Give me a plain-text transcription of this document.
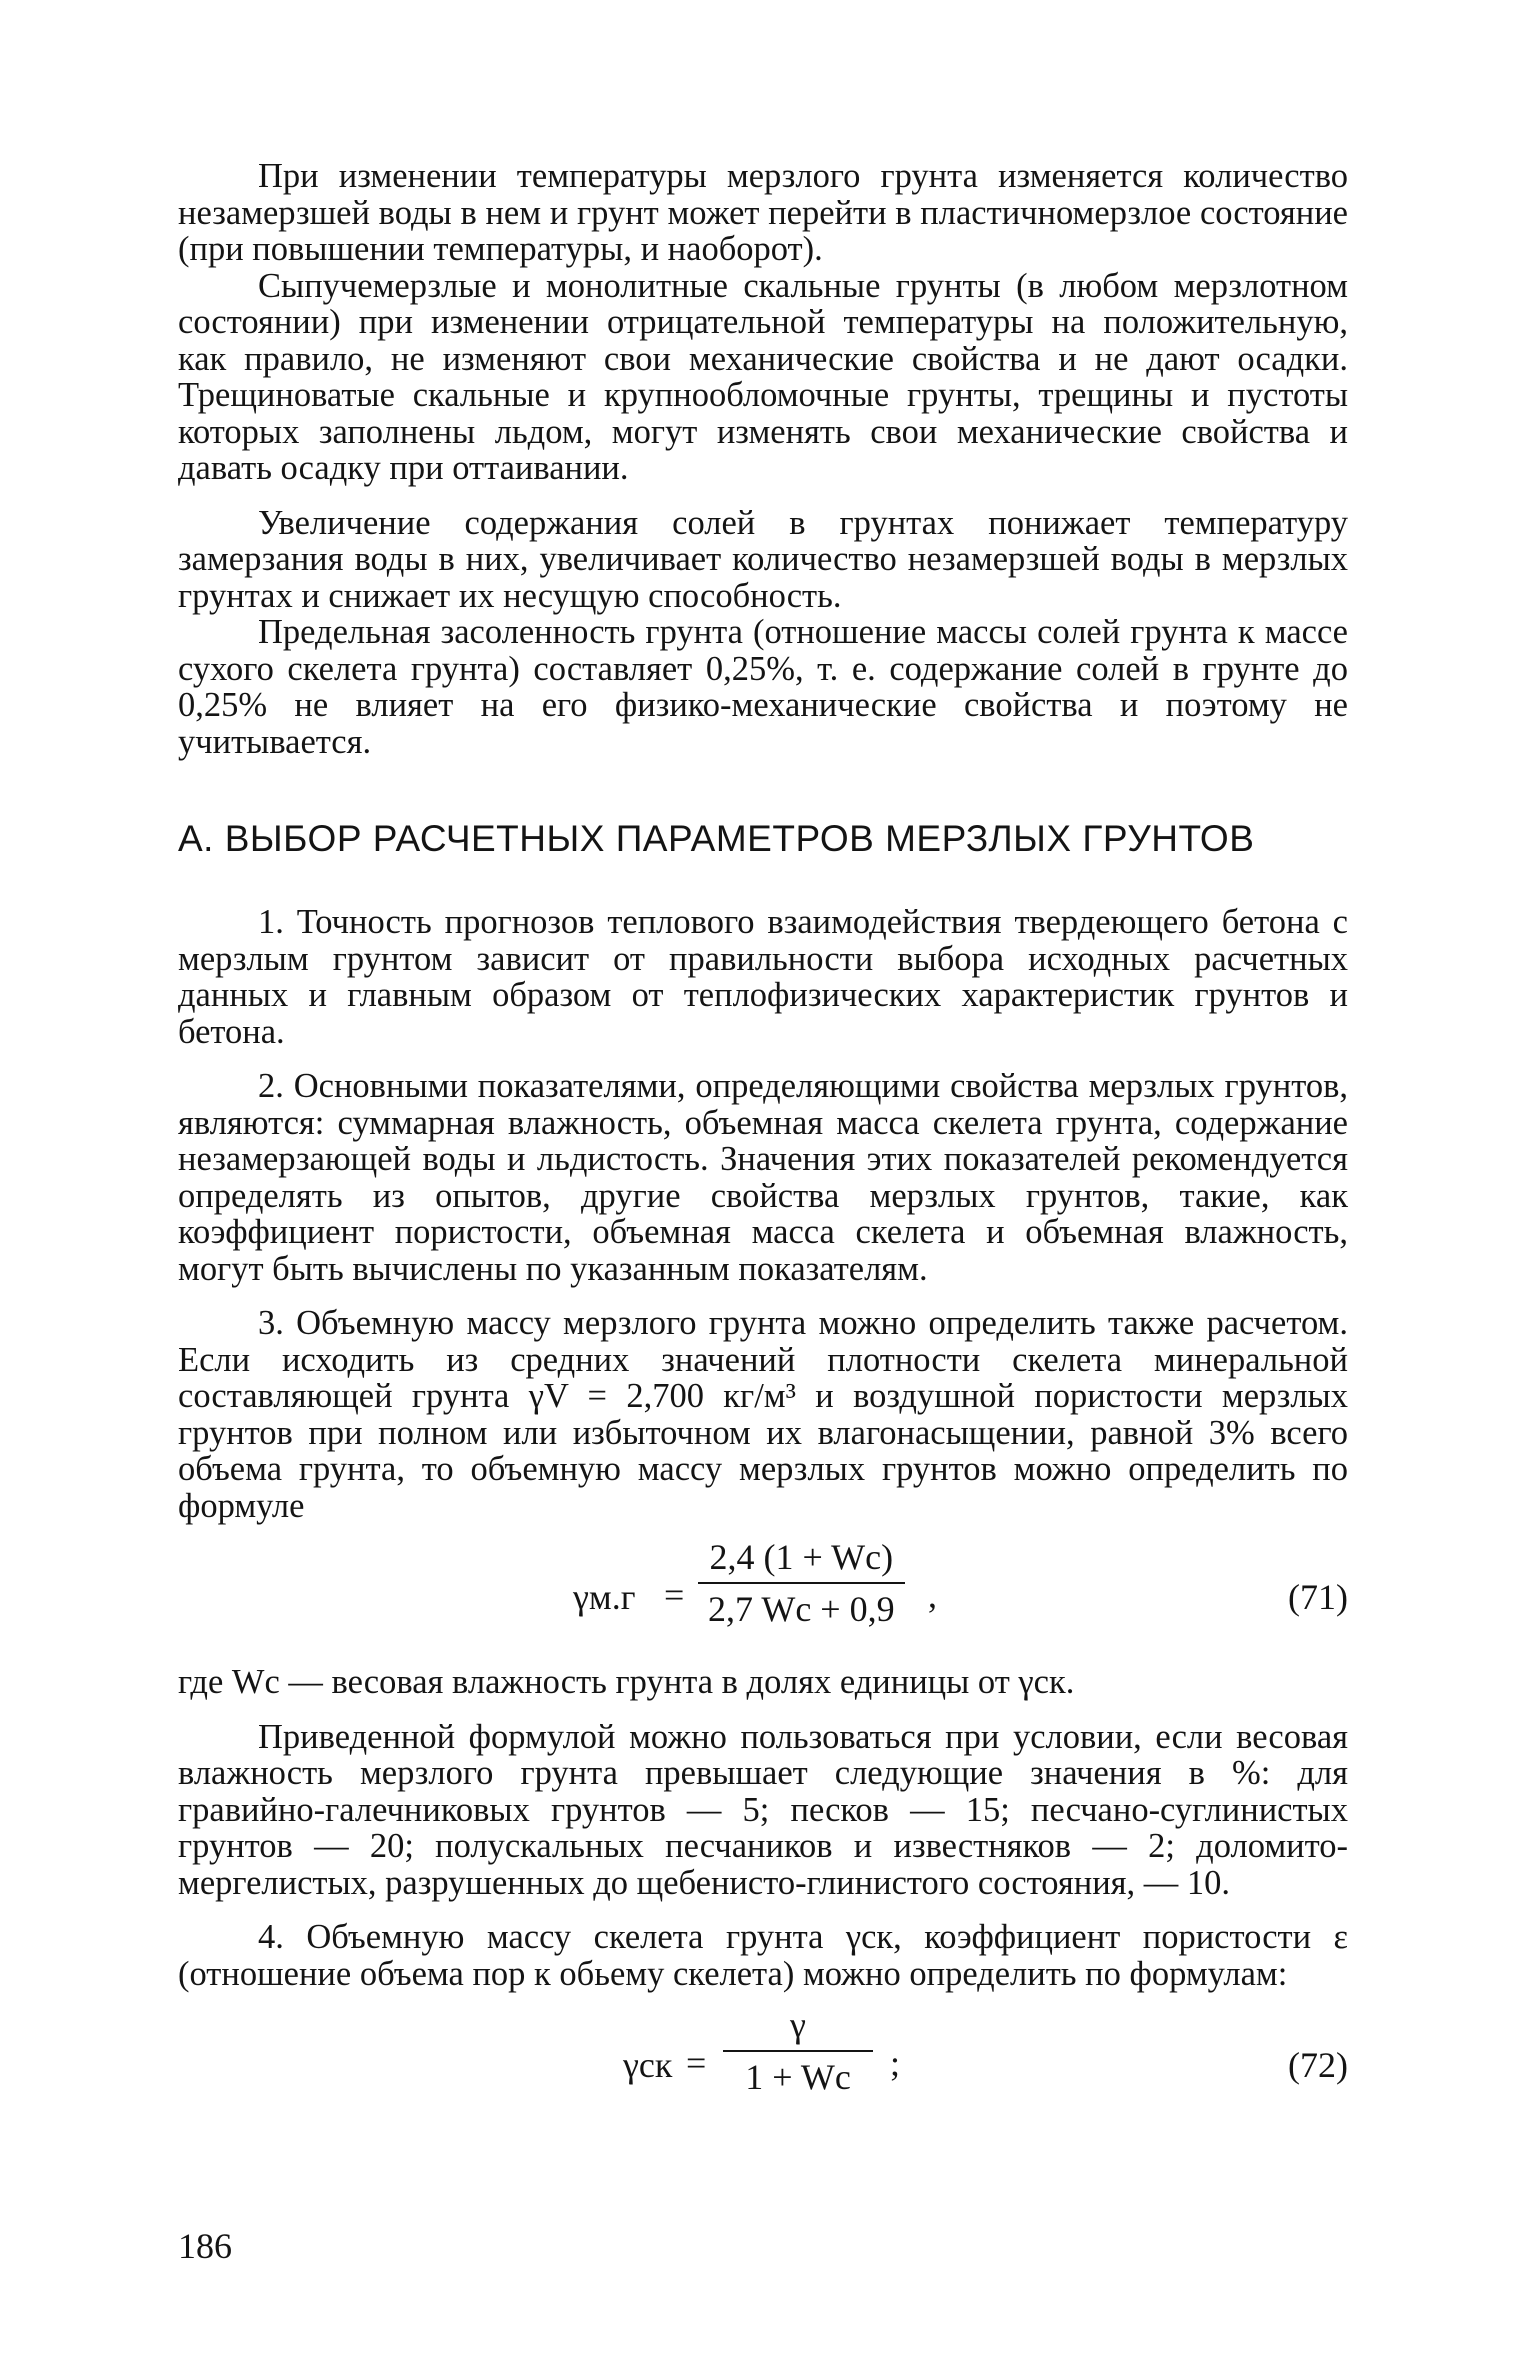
При изменении температуры мерзлого грунта изменяется количество незамерзшей воды в нем и грунт может перейти в пластичномерзлое состояние (при повышении температуры, и наоборот).

Сыпучемерзлые и монолитные скальные грунты (в любом мерзлотном состоянии) при изменении отрицательной температуры на положительную, как правило, не изменяют свои механические свойства и не дают осадки. Трещиноватые скальные и крупнообломочные грунты, трещины и пустоты которых заполнены льдом, могут изменять свои механические свойства и давать осадку при оттаивании.

Увеличение содержания солей в грунтах понижает температуру замерзания воды в них, увеличивает количество незамерзшей воды в мерзлых грунтах и снижает их несущую способность.

Предельная засоленность грунта (отношение массы солей грунта к массе сухого скелета грунта) составляет 0,25%, т. е. содержание солей в грунте до 0,25% не влияет на его физико-механические свойства и поэтому не учитывается.

А. ВЫБОР РАСЧЕТНЫХ ПАРАМЕТРОВ МЕРЗЛЫХ ГРУНТОВ

1. Точность прогнозов теплового взаимодействия твердеющего бетона с мерзлым грунтом зависит от правильности выбора исходных расчетных данных и главным образом от теплофизических характеристик грунтов и бетона.

2. Основными показателями, определяющими свойства мерзлых грунтов, являются: суммарная влажность, объемная масса скелета грунта, содержание незамерзающей воды и льдистость. Значения этих показателей рекомендуется определять из опытов, другие свойства мерзлых грунтов, такие, как коэффициент пористости, объемная масса скелета и объемная влажность, могут быть вычислены по указанным показателям.

3. Объемную массу мерзлого грунта можно определить также расчетом. Если исходить из средних значений плотности скелета минеральной составляющей грунта γV = 2,700 кг/м³ и воздушной пористости мерзлых грунтов при полном или избыточном их влагонасыщении, равной 3% всего объема грунта, то объемную массу мерзлых грунтов можно определить по формуле

γм.г =
2,4 (1 + Wc)
2,7 Wc + 0,9 ,	(71)

где Wc — весовая влажность грунта в долях единицы от γск.

Приведенной формулой можно пользоваться при условии, если весовая влажность мерзлого грунта превышает следующие значения в %: для гравийно-галечниковых грунтов — 5; песков — 15; песчано-суглинистых грунтов — 20; полускальных песчаников и известняков — 2; доломито-мергелистых, разрушенных до щебенисто-глинистого состояния, — 10.

4. Объемную массу скелета грунта γск, коэффициент пористости ε (отношение объема пор к обьему скелета) можно определить по формулам:

γск =
γ
1 + Wc ;	(72)
186
